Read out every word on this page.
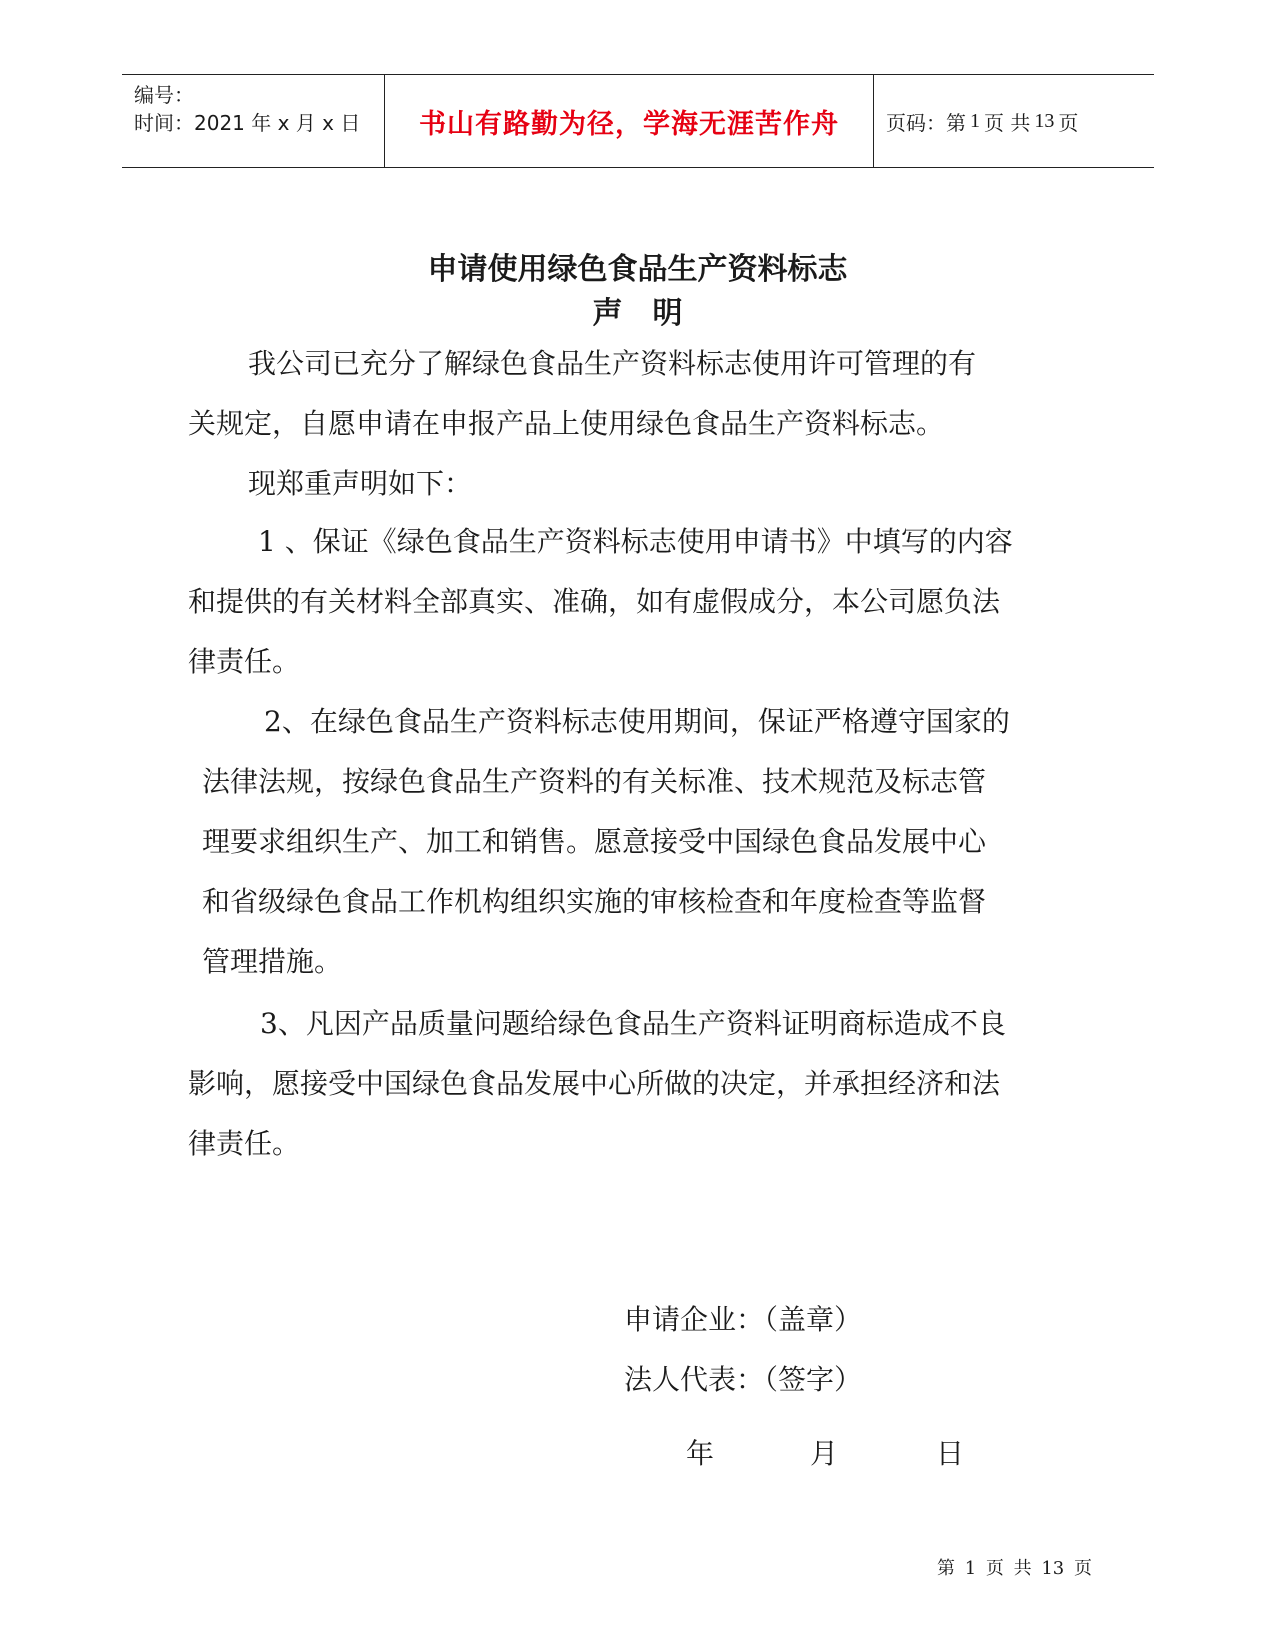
编号：
时间：2021 年 x 月 x 日 书山有路勤为径，学海无涯苦作舟 页码：第 1 页 共 13 页
申请使用绿色食品生产资料标志
声明
我公司已充分了解绿色食品生产资料标志使用许可管理的有
关规定，自愿申请在申报产品上使用绿色食品生产资料标志。
现郑重声明如下：
1 、保证《绿色食品生产资料标志使用申请书》中填写的内容
和提供的有关材料全部真实、准确，如有虚假成分，本公司愿负法
律责任。
2、在绿色食品生产资料标志使用期间，保证严格遵守国家的
法律法规，按绿色食品生产资料的有关标准、技术规范及标志管
理要求组织生产、加工和销售。愿意接受中国绿色食品发展中心
和省级绿色食品工作机构组织实施的审核检查和年度检查等监督
管理措施。
3、凡因产品质量问题给绿色食品生产资料证明商标造成不良
影响，愿接受中国绿色食品发展中心所做的决定，并承担经济和法
律责任。
申请企业：（盖章）
法人代表：（签字）
年	月	日
第 1 页 共 13 页
